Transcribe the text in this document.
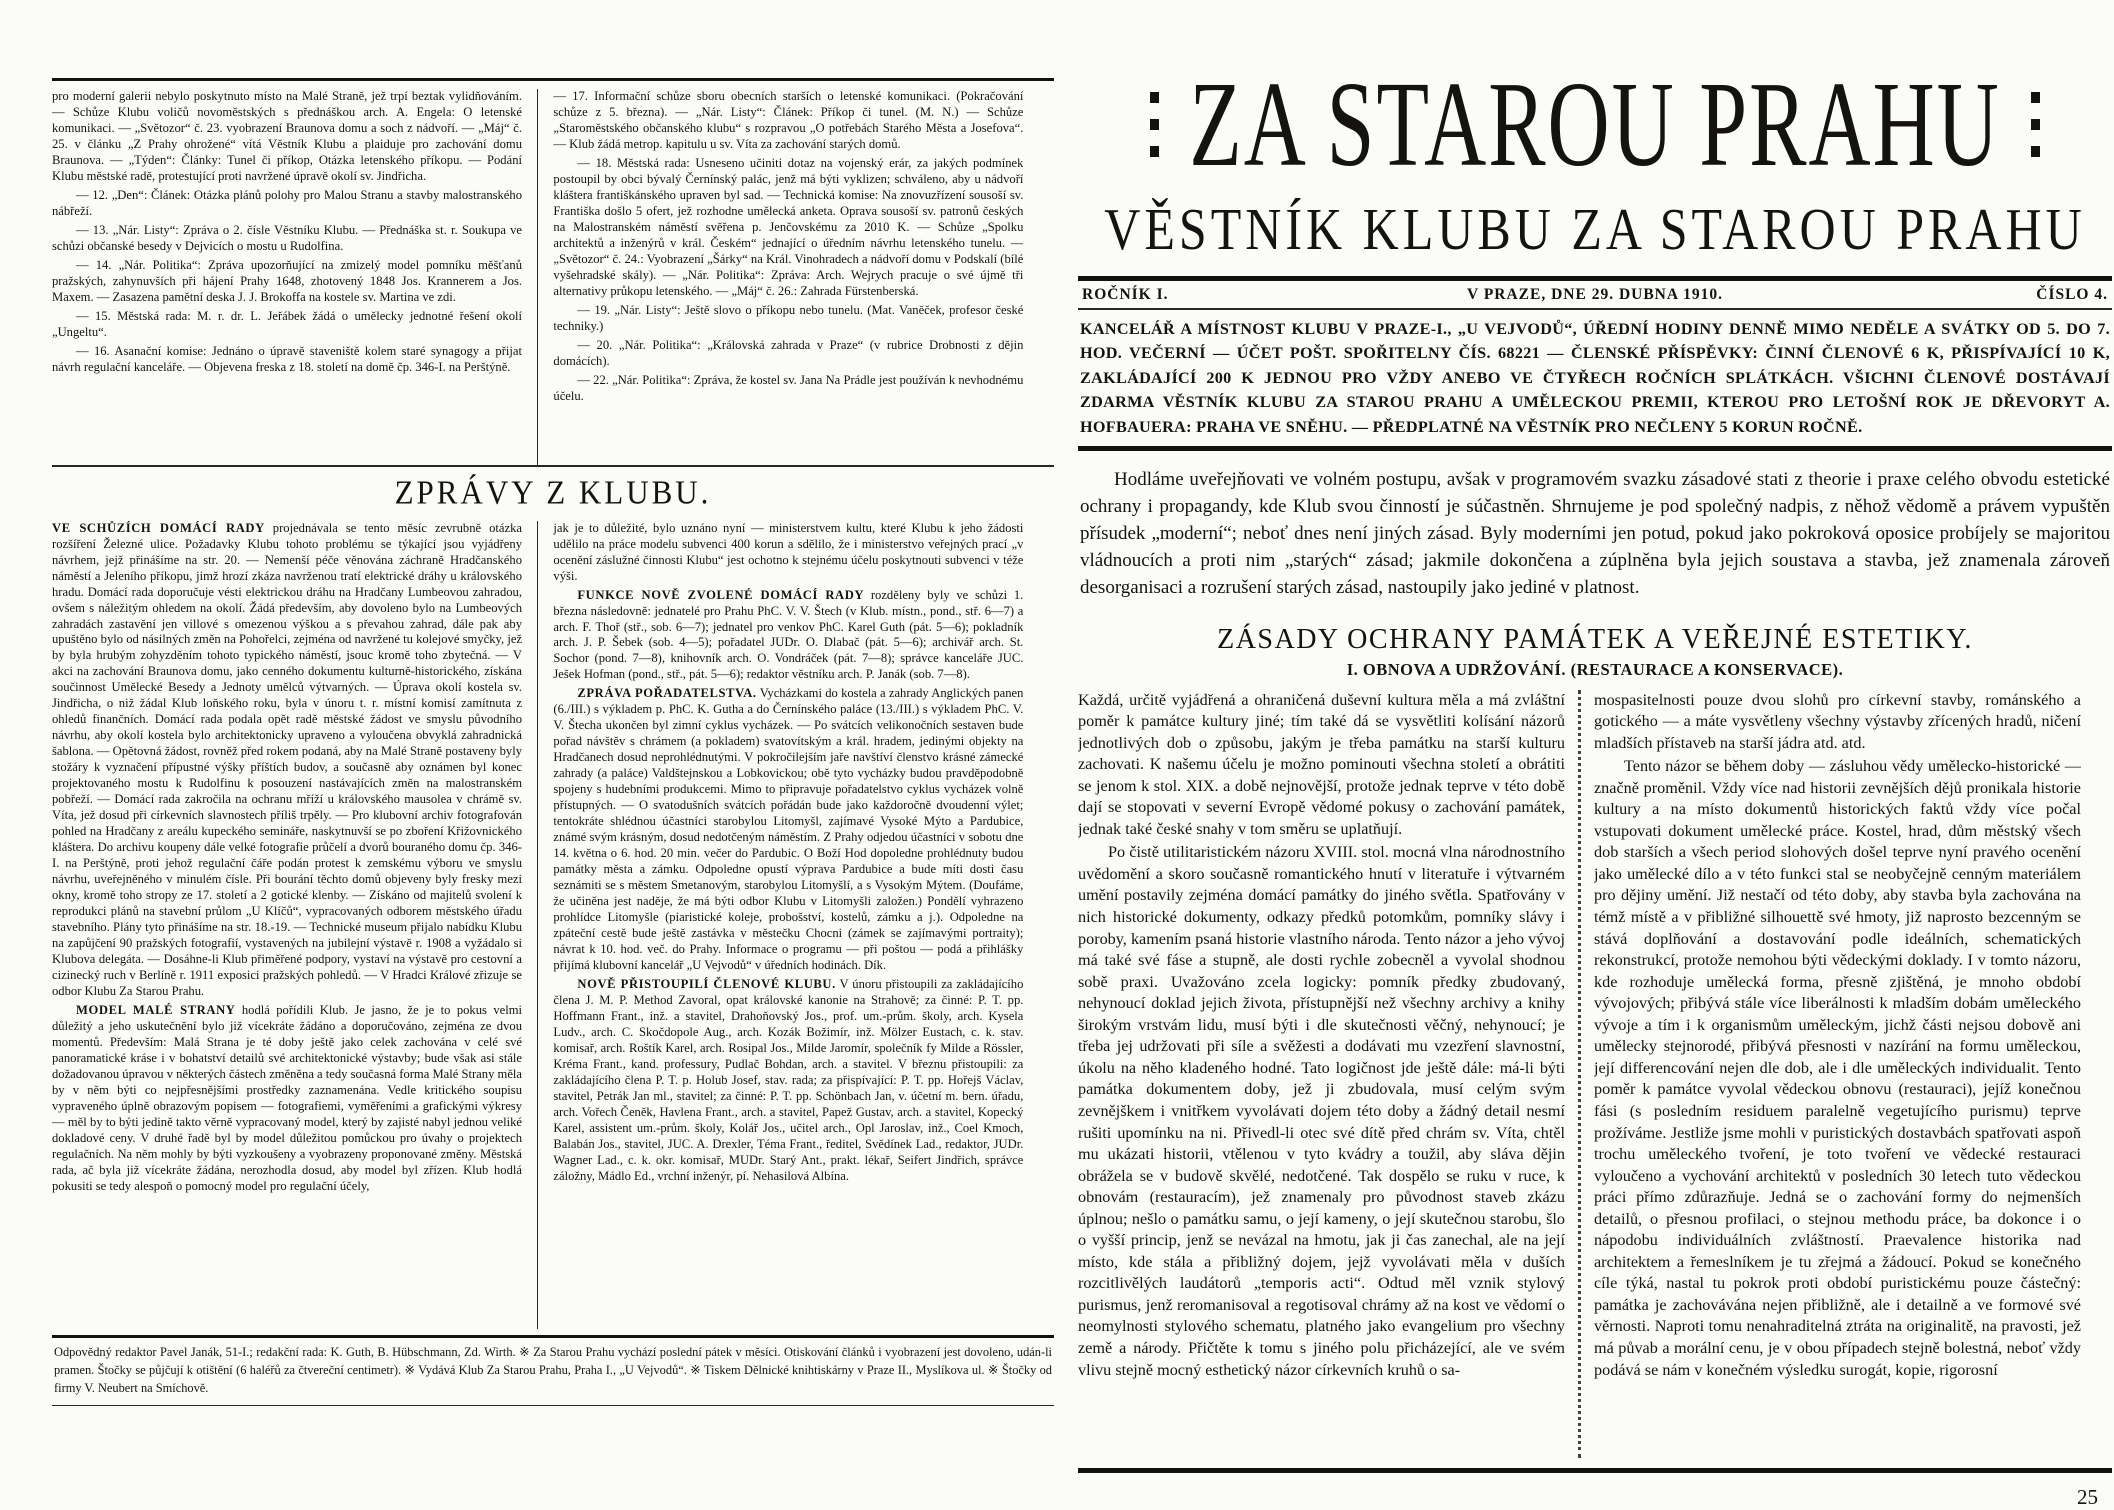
pro moderní galerii nebylo poskytnuto místo na Malé Straně, jež trpí beztak vylidňováním. — Schůze Klubu voličů novoměstských s přednáškou arch. A. Engela: O letenské komunikaci. — „Světozor“ č. 23. vyobrazení Braunova domu a soch z nádvoří. — „Máj“ č. 25. v článku „Z Prahy ohrožené“ vítá Věstník Klubu a plaiduje pro zachování domu Braunova. — „Týden“: Články: Tunel či příkop, Otázka letenského příkopu. — Podání Klubu městské radě, protestující proti navržené úpravě okolí sv. Jindřicha.

— 12. „Den“: Článek: Otázka plánů polohy pro Malou Stranu a stavby malostranského nábřeží.

— 13. „Nár. Listy“: Zpráva o 2. čísle Věstníku Klubu. — Přednáška st. r. Soukupa ve schůzi občanské besedy v Dejvicích o mostu u Rudolfina.

— 14. „Nár. Politika“: Zpráva upozorňující na zmizelý model pomníku měšťanů pražských, zahynuvších při hájení Prahy 1648, zhotovený 1848 Jos. Krannerem a Jos. Maxem. — Zasazena pamětní deska J. J. Brokoffa na kostele sv. Martina ve zdi.

— 15. Městská rada: M. r. dr. L. Jeřábek žádá o umělecky jednotné řešení okolí „Ungeltu“.

— 16. Asanační komise: Jednáno o úpravě staveniště kolem staré synagogy a přijat návrh regulační kanceláře. — Objevena freska z 18. století na domě čp. 346-I. na Perštýně.

— 17. Informační schůze sboru obecních starších o letenské komunikaci. (Pokračování schůze z 5. března). — „Nár. Listy“: Článek: Příkop či tunel. (M. N.) — Schůze „Staroměstského občanského klubu“ s rozpravou „O potřebách Starého Města a Josefova“. — Klub žádá metrop. kapitulu u sv. Víta za zachování starých domů.

— 18. Městská rada: Usneseno učiniti dotaz na vojenský erár, za jakých podmínek postoupil by obci bývalý Černínský palác, jenž má býti vyklizen; schváleno, aby u nádvoří kláštera františkánského upraven byl sad. — Technická komise: Na znovuzřízení sousoší sv. Františka došlo 5 ofert, jež rozhodne umělecká anketa. Oprava sousoší sv. patronů českých na Malostranském náměstí svěřena p. Jenčovskému za 2010 K. — Schůze „Spolku architektů a inženýrů v král. Českém“ jednající o úředním návrhu letenského tunelu. — „Světozor“ č. 24.: Vyobrazení „Šárky“ na Král. Vinohradech a nádvoří domu v Podskalí (bílé vyšehradské skály). — „Nár. Politika“: Zpráva: Arch. Wejrych pracuje o své újmě tři alternativy průkopu letenského. — „Máj“ č. 26.: Zahrada Fürstenberská.

— 19. „Nár. Listy“: Ještě slovo o příkopu nebo tunelu. (Mat. Vaněček, profesor české techniky.)

— 20. „Nár. Politika“: „Královská zahrada v Praze“ (v rubrice Drobnosti z dějin domácích).

— 22. „Nár. Politika“: Zpráva, že kostel sv. Jana Na Prádle jest používán k nevhodnému účelu.

ZPRÁVY Z KLUBU.

VE SCHŮZÍCH DOMÁCÍ RADY projednávala se tento měsíc zevrubně otázka rozšíření Železné ulice. Požadavky Klubu tohoto problému se týkající jsou vyjádřeny návrhem, jejž přinášíme na str. 20. — Nemenší péče věnována záchraně Hradčanského náměstí a Jeleního příkopu, jimž hrozí zkáza navrženou tratí elektrické dráhy u královského hradu. Domácí rada doporučuje vésti elektrickou dráhu na Hradčany Lumbeovou zahradou, ovšem s náležitým ohledem na okolí. Žádá především, aby dovoleno bylo na Lumbeových zahradách zastavění jen villové s omezenou výškou a s převahou zahrad, dále pak aby upuštěno bylo od násilných změn na Pohořelci, zejména od navržené tu kolejové smyčky, jež by byla hrubým zohyzděním tohoto typického náměstí, jsouc kromě toho zbytečná. — V akci na zachování Braunova domu, jako cenného dokumentu kulturně-historického, získána součinnost Umělecké Besedy a Jednoty umělců výtvarných. — Úprava okolí kostela sv. Jindřicha, o niž žádal Klub loňského roku, byla v únoru t. r. místní komisí zamítnuta z ohledů finančních. Domácí rada podala opět radě městské žádost ve smyslu původního návrhu, aby okolí kostela bylo architektonicky upraveno a vyloučena obvyklá zahradnická šablona. — Opětovná žádost, rovněž před rokem podaná, aby na Malé Straně postaveny byly stožáry k vyznačení přípustné výšky příštích budov, a současně aby oznámen byl konec projektovaného mostu k Rudolfinu k posouzení nastávajících změn na malostranském pobřeží. — Domácí rada zakročila na ochranu mříží u královského mausolea v chrámě sv. Víta, jež dosud při církevních slavnostech příliš trpěly. — Pro klubovní archiv fotografován pohled na Hradčany z areálu kupeckého semináře, naskytnuvší se po zboření Křižovnického kláštera. Do archivu koupeny dále velké fotografie průčelí a dvorů bouraného domu čp. 346-I. na Perštýně, proti jehož regulační čáře podán protest k zemskému výboru ve smyslu návrhu, uveřejněného v minulém čísle. Při bourání těchto domů objeveny byly fresky mezi okny, kromě toho stropy ze 17. století a 2 gotické klenby. — Získáno od majitelů svolení k reprodukci plánů na stavební průlom „U Klíčů“, vypracovaných odborem městského úřadu stavebního. Plány tyto přinášíme na str. 18.-19. — Technické museum přijalo nabídku Klubu na zapůjčení 90 pražských fotografií, vystavených na jubilejní výstavě r. 1908 a vyžádalo si Klubova delegáta. — Dosáhne-li Klub přiměřené podpory, vystaví na výstavě pro cestovní a cizinecký ruch v Berlíně r. 1911 exposici pražských pohledů. — V Hradci Králové zřizuje se odbor Klubu Za Starou Prahu.

MODEL MALÉ STRANY hodlá pořídili Klub. Je jasno, že je to pokus velmi důležitý a jeho uskutečnění bylo již vícekráte žádáno a doporučováno, zejména ze dvou momentů. Především: Malá Strana je té doby ještě jako celek zachována v celé své panoramatické kráse i v bohatství detailů své architektonické výstavby; bude však asi stále dožadovanou úpravou v některých částech změněna a tedy současná forma Malé Strany měla by v něm býti co nejpřesnějšími prostředky zaznamenána. Vedle kritického soupisu vypraveného úplně obrazovým popisem — fotografiemi, vyměřeními a grafickými výkresy — měl by to býti jedině takto věrně vypracovaný model, který by zajisté nabyl jednou veliké dokladové ceny. V druhé řadě byl by model důležitou pomůckou pro úvahy o projektech regulačních. Na něm mohly by býti vyzkoušeny a vyobrazeny proponované změny. Městská rada, ač byla již vícekráte žádána, nerozhodla dosud, aby model byl zřízen. Klub hodlá pokusiti se tedy alespoň o pomocný model pro regulační účely,

jak je to důležité, bylo uznáno nyní — ministerstvem kultu, které Klubu k jeho žádosti udělilo na práce modelu subvenci 400 korun a sdělilo, že i ministerstvo veřejných prací „v ocenění záslužné činnosti Klubu“ jest ochotno k stejnému účelu poskytnouti subvenci v téže výši.

FUNKCE NOVĚ ZVOLENÉ DOMÁCÍ RADY rozděleny byly ve schůzi 1. března následovně: jednatelé pro Prahu PhC. V. V. Štech (v Klub. místn., pond., stř. 6—7) a arch. F. Thoř (stř., sob. 6—7); jednatel pro venkov PhC. Karel Guth (pát. 5—6); pokladník arch. J. P. Šebek (sob. 4—5); pořadatel JUDr. O. Dlabač (pát. 5—6); archivář arch. St. Sochor (pond. 7—8), knihovník arch. O. Vondráček (pát. 7—8); správce kanceláře JUC. Ješek Hofman (pond., stř., pát. 5—6); redaktor věstníku arch. P. Janák (sob. 7—8).

ZPRÁVA POŘADATELSTVA. Vycházkami do kostela a zahrady Anglických panen (6./III.) s výkladem p. PhC. K. Gutha a do Černínského paláce (13./III.) s výkladem PhC. V. V. Štecha ukončen byl zimní cyklus vycházek. — Po svátcích velikonočních sestaven bude pořad návštěv s chrámem (a pokladem) svatovítským a král. hradem, jedinými objekty na Hradčanech dosud neprohlédnutými. V pokročilejším jaře navštíví členstvo krásné zámecké zahrady (a paláce) Valdštejnskou a Lobkovickou; obě tyto vycházky budou pravděpodobně spojeny s hudebními produkcemi. Mimo to připravuje pořadatelstvo cyklus vycházek volně přístupných. — O svatodušních svátcích pořádán bude jako každoročně dvoudenní výlet; tentokráte shlédnou účastníci starobylou Litomyšl, zajímavé Vysoké Mýto a Pardubice, známé svým krásným, dosud nedotčeným náměstím. Z Prahy odjedou účastníci v sobotu dne 14. května o 6. hod. 20 min. večer do Pardubic. O Boží Hod dopoledne prohlédnuty budou památky města a zámku. Odpoledne opustí výprava Pardubice a bude míti dosti času seznámiti se s městem Smetanovým, starobylou Litomyšlí, a s Vysokým Mýtem. (Doufáme, že učiněna jest naděje, že má býti odbor Klubu v Litomyšli založen.) Pondělí vyhrazeno prohlídce Litomyšle (piaristické koleje, probošství, kostelů, zámku a j.). Odpoledne na zpáteční cestě bude ještě zastávka v městečku Chocni (zámek se zajímavými portraity); návrat k 10. hod. več. do Prahy. Informace o programu — při poštou — podá a přihlášky přijímá klubovní kancelář „U Vejvodů“ v úředních hodinách. Dík.

NOVĚ PŘISTOUPILÍ ČLENOVÉ KLUBU. V únoru přistoupili za zakládajícího člena J. M. P. Method Zavoral, opat královské kanonie na Strahově; za činné: P. T. pp. Hoffmann Frant., inž. a stavitel, Drahoňovský Jos., prof. um.-prům. školy, arch. Kysela Ludv., arch. C. Skočdopole Aug., arch. Kozák Božimír, inž. Mölzer Eustach, c. k. stav. komisař, arch. Roštík Karel, arch. Rosipal Jos., Milde Jaromír, společník fy Milde a Rössler, Kréma Frant., kand. professury, Pudlač Bohdan, arch. a stavitel. V březnu přistoupili: za zakládajícího člena P. T. p. Holub Josef, stav. rada; za přispívající: P. T. pp. Hořejš Václav, stavitel, Petrák Jan ml., stavitel; za činné: P. T. pp. Schönbach Jan, v. účetní m. bern. úřadu, arch. Vořech Čeněk, Havlena Frant., arch. a stavitel, Papež Gustav, arch. a stavitel, Kopecký Karel, assistent um.-prům. školy, Kolář Jos., učitel arch., Opl Jaroslav, inž., Coel Kmoch, Balabán Jos., stavitel, JUC. A. Drexler, Téma Frant., ředitel, Svědínek Lad., redaktor, JUDr. Wagner Lad., c. k. okr. komisař, MUDr. Starý Ant., prakt. lékař, Seifert Jindřich, správce záložny, Mádlo Ed., vrchní inženýr, pí. Nehasilová Albína.

Odpovědný redaktor Pavel Janák, 51-I.; redakční rada: K. Guth, B. Hübschmann, Zd. Wirth. ※ Za Starou Prahu vychází poslední pátek v měsíci. Otiskování článků i vyobrazení jest dovoleno, udán-li pramen. Štočky se půjčují k otištění (6 haléřů za čtvereční centimetr). ※ Vydává Klub Za Starou Prahu, Praha I., „U Vejvodů“. ※ Tiskem Dělnické knihtiskárny v Praze II., Myslíkova ul. ※ Štočky od firmy V. Neubert na Smíchově.
ZA STAROU PRAHU
VĚSTNÍK KLUBU ZA STAROU PRAHU
ROČNÍK I.	V PRAZE, DNE 29. DUBNA 1910.	ČÍSLO 4.
KANCELÁŘ A MÍSTNOST KLUBU V PRAZE-I., „U VEJVODŮ“, ÚŘEDNÍ HODINY DENNĚ MIMO NEDĚLE A SVÁTKY OD 5. DO 7. HOD. VEČERNÍ — ÚČET POŠT. SPOŘITELNY ČÍS. 68221 — ČLENSKÉ PŘÍSPĚVKY: ČINNÍ ČLENOVÉ 6 K, PŘISPÍVAJÍCÍ 10 K, ZAKLÁDAJÍCÍ 200 K JEDNOU PRO VŽDY ANEBO VE ČTYŘECH ROČNÍCH SPLÁTKÁCH. VŠICHNI ČLENOVÉ DOSTÁVAJÍ ZDARMA VĚSTNÍK KLUBU ZA STAROU PRAHU A UMĚLECKOU PREMII, KTEROU PRO LETOŠNÍ ROK JE DŘEVORYT A. HOFBAUERA: PRAHA VE SNĚHU. — PŘEDPLATNÉ NA VĚSTNÍK PRO NEČLENY 5 KORUN ROČNĚ.
Hodláme uveřejňovati ve volném postupu, avšak v programovém svazku zásadové stati z theorie i praxe celého obvodu estetické ochrany i propagandy, kde Klub svou činností je súčastněn. Shrnujeme je pod společný nadpis, z něhož vědomě a právem vypuštěn přísudek „moderní“; neboť dnes není jiných zásad. Byly moderními jen potud, pokud jako pokroková oposice probíjely se majoritou vládnoucích a proti nim „starých“ zásad; jakmile dokončena a zúplněna byla jejich soustava a stavba, jež znamenala zároveň desorganisaci a rozrušení starých zásad, nastoupily jako jediné v platnost.
ZÁSADY OCHRANY PAMÁTEK A VEŘEJNÉ ESTETIKY.
I. OBNOVA A UDRŽOVÁNÍ. (RESTAURACE A KONSERVACE).

Každá, určitě vyjádřená a ohraničená duševní kultura měla a má zvláštní poměr k památce kultury jiné; tím také dá se vysvětliti kolísání názorů jednotlivých dob o způsobu, jakým je třeba památku na starší kulturu zachovati. K našemu účelu je možno pominouti všechna století a obrátiti se jenom k stol. XIX. a době nejnovější, protože jednak teprve v této době dají se stopovati v severní Evropě vědomé pokusy o zachování památek, jednak také české snahy v tom směru se uplatňují.

Po čistě utilitaristickém názoru XVIII. stol. mocná vlna národnostního uvědomění a skoro současně romantického hnutí v literatuře i výtvarném umění postavily zejména domácí památky do jiného světla. Spatřovány v nich historické dokumenty, odkazy předků potomkům, pomníky slávy i poroby, kamením psaná historie vlastního národa. Tento názor a jeho vývoj má také své fáse a stupně, ale dosti rychle zobecněl a vyvolal shodnou sobě praxi. Uvažováno zcela logicky: pomník předky zbudovaný, nehynoucí doklad jejich života, přístupnější než všechny archivy a knihy širokým vrstvám lidu, musí býti i dle skutečnosti věčný, nehynoucí; je třeba jej udržovati při síle a svěžesti a dodávati mu vzezření slavnostní, úkolu na něho kladeného hodné. Tato logičnost jde ještě dále: má-li býti památka dokumentem doby, jež ji zbudovala, musí celým svým zevnějškem i vnitřkem vyvolávati dojem této doby a žádný detail nesmí rušiti upomínku na ni. Přivedl-li otec své dítě před chrám sv. Víta, chtěl mu ukázati historii, vtělenou v tyto kvádry a toužil, aby sláva dějin obrážela se v budově skvělé, nedotčené. Tak dospělo se ruku v ruce, k obnovám (restauracím), jež znamenaly pro původnost staveb zkázu úplnou; nešlo o památku samu, o její kameny, o její skutečnou starobu, šlo o vyšší princip, jenž se nevázal na hmotu, jak ji čas zanechal, ale na její místo, kde stála a přibližný dojem, jejž vyvolávati měla v duších rozcitlivělých laudátorů „temporis acti“. Odtud měl vznik stylový purismus, jenž reromanisoval a regotisoval chrámy až na kost ve vědomí o neomylnosti stylového schematu, platného jako evangelium pro všechny země a národy. Přičtěte k tomu s jiného polu přicházející, ale ve svém vlivu stejně mocný esthetický názor církevních kruhů o sa-

mospasitelnosti pouze dvou slohů pro církevní stavby, románského a gotického — a máte vysvětleny všechny výstavby zřícených hradů, ničení mladších přístaveb na starší jádra atd. atd.

Tento názor se během doby — zásluhou vědy umělecko-historické — značně proměnil. Vždy více nad historii zevnějších dějů pronikala historie kultury a na místo dokumentů historických faktů vždy více počal vstupovati dokument umělecké práce. Kostel, hrad, dům městský všech dob starších a všech period slohových došel teprve nyní pravého ocenění jako umělecké dílo a v této funkci stal se neobyčejně cenným materiálem pro dějiny umění. Již nestačí od této doby, aby stavba byla zachována na témž místě a v přibližné silhouettě své hmoty, již naprosto bezcenným se stává doplňování a dostavování podle ideálních, schematických rekonstrukcí, protože nemohou býti vědeckými doklady. I v tomto názoru, kde rozhoduje umělecká forma, přesně zjištěná, je mnoho období vývojových; přibývá stále více liberálnosti k mladším dobám uměleckého vývoje a tím i k organismům uměleckým, jichž části nejsou dobově ani umělecky stejnorodé, přibývá přesnosti v nazírání na formu uměleckou, její differencování nejen dle dob, ale i dle uměleckých individualit. Tento poměr k památce vyvolal vědeckou obnovu (restauraci), jejíž konečnou fási (s posledním residuem paralelně vegetujícího purismu) teprve prožíváme. Jestliže jsme mohli v puristických dostavbách spatřovati aspoň trochu uměleckého tvoření, je toto tvoření ve vědecké restauraci vyloučeno a vychování architektů v posledních 30 letech tuto vědeckou práci přímo zdůrazňuje. Jedná se o zachování formy do nejmenších detailů, o přesnou profilaci, o stejnou methodu práce, ba dokonce i o nápodobu individuálních zvláštností. Praevalence historika nad architektem a řemeslníkem je tu zřejmá a žádoucí. Pokud se konečného cíle týká, nastal tu pokrok proti období puristickému pouze částečný: památka je zachovávána nejen přibližně, ale i detailně a ve formové své věrnosti. Naproti tomu nenahraditelná ztráta na originalitě, na pravosti, jež má půvab a morální cenu, je v obou případech stejně bolestná, neboť vždy podává se nám v konečném výsledku surogát, kopie, rigorosní

25
